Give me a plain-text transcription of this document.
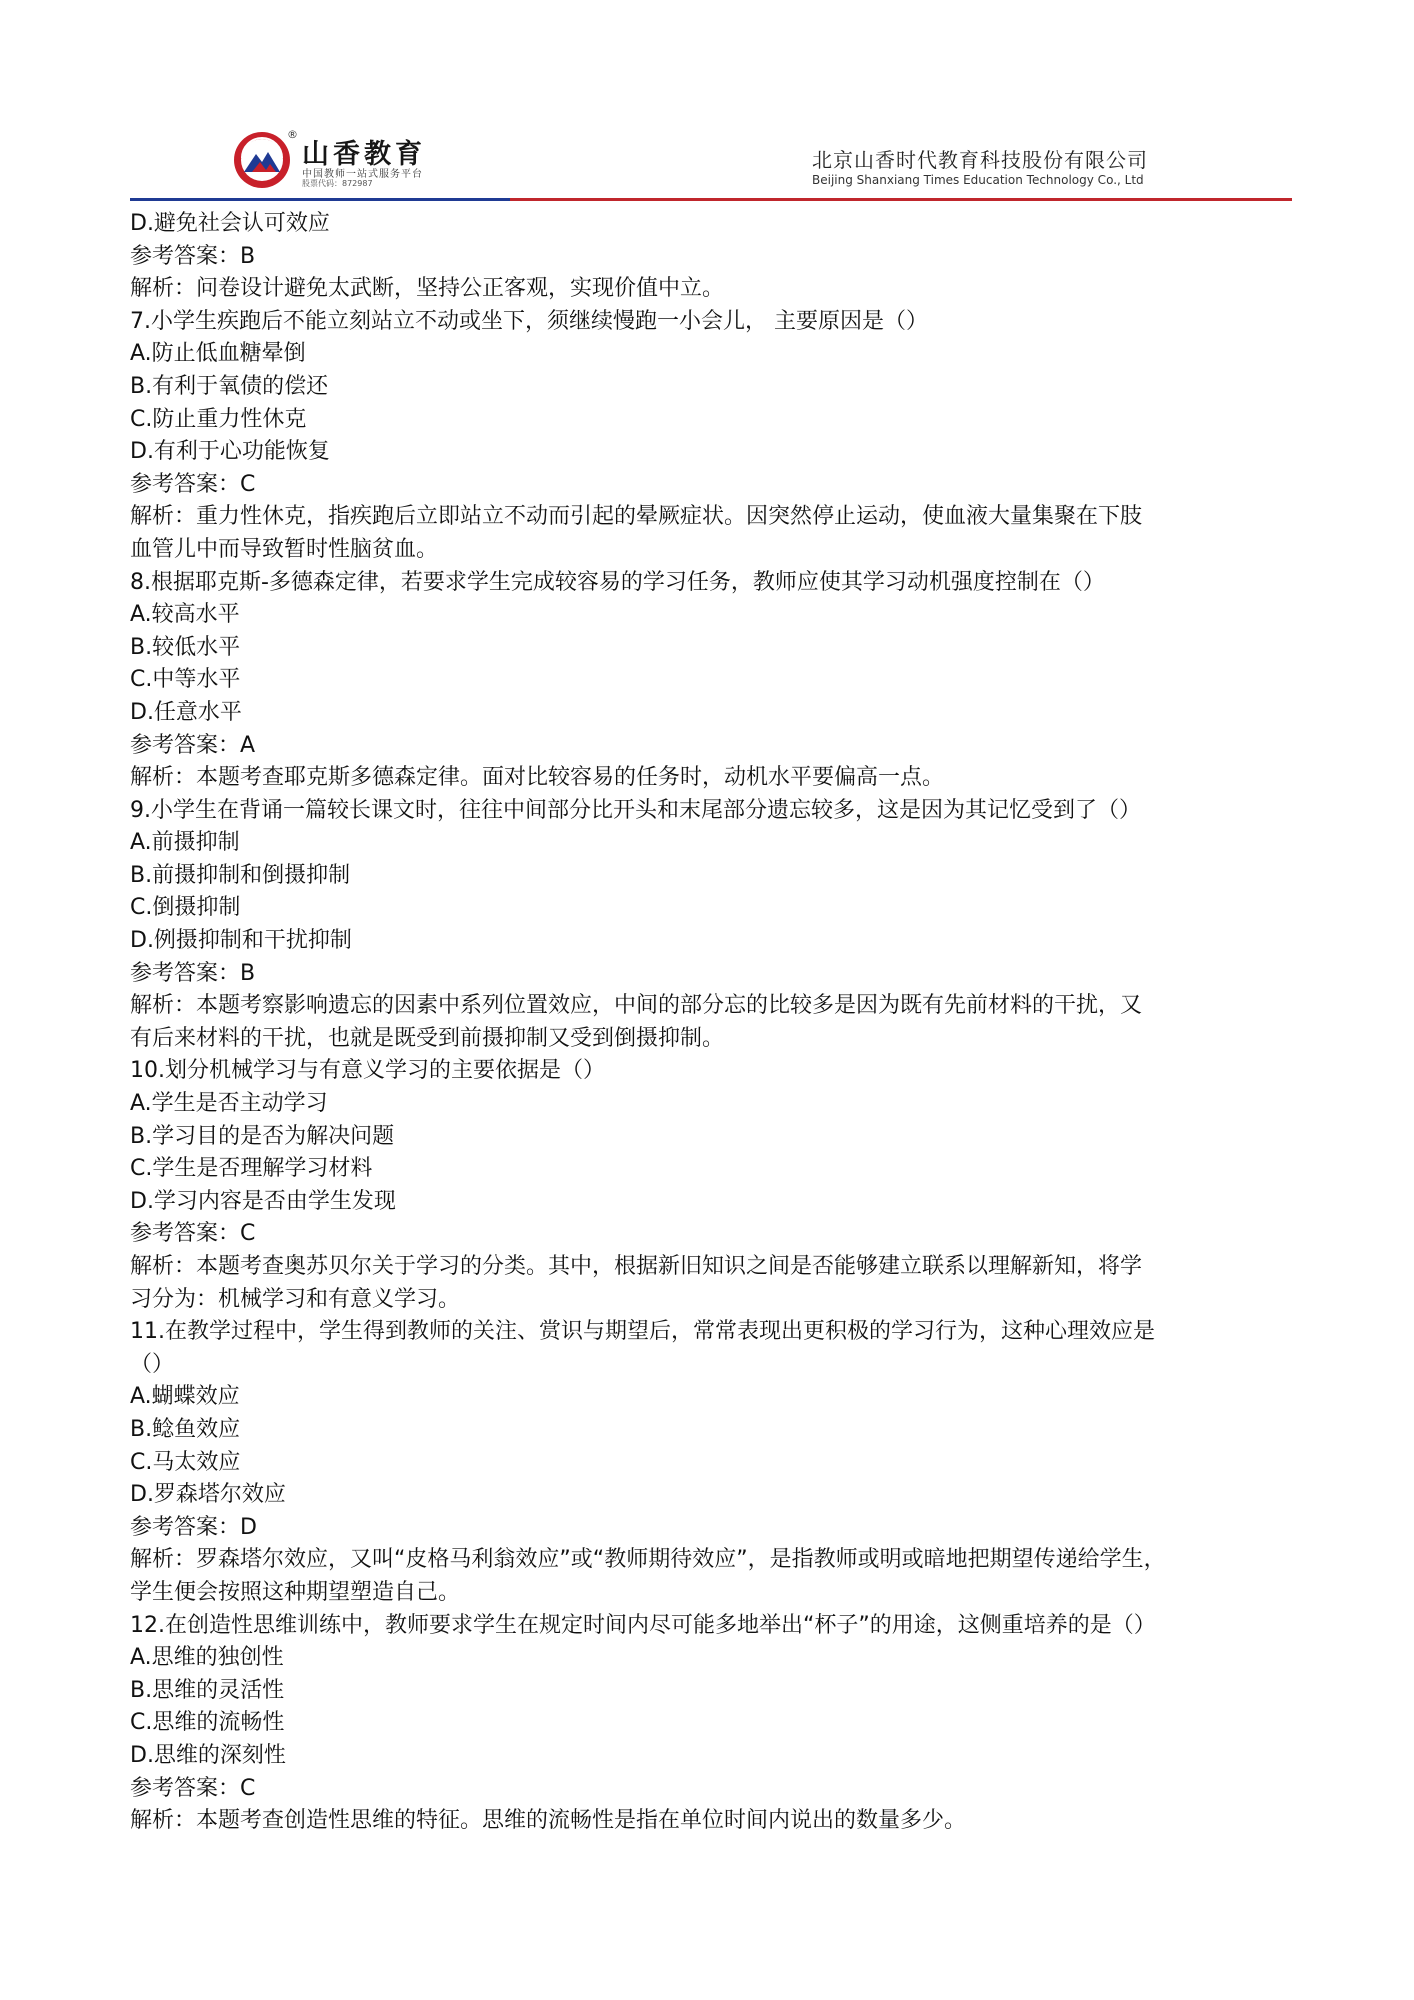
山香教育
®
中国教师一站式服务平台
股票代码：872987
北京山香时代教育科技股份有限公司
Beijing Shanxiang Times Education Technology Co., Ltd

D.避免社会认可效应

参考答案：B

解析：问卷设计避免太武断，坚持公正客观，实现价值中立。

7.小学生疾跑后不能立刻站立不动或坐下，须继续慢跑一小会儿， 主要原因是（）

A.防止低血糖晕倒

B.有利于氧债的偿还

C.防止重力性休克

D.有利于心功能恢复

参考答案：C

解析：重力性休克，指疾跑后立即站立不动而引起的晕厥症状。因突然停止运动，使血液大量集聚在下肢

血管儿中而导致暂时性脑贫血。

8.根据耶克斯-多德森定律，若要求学生完成较容易的学习任务，教师应使其学习动机强度控制在（）

A.较高水平

B.较低水平

C.中等水平

D.任意水平

参考答案：A

解析：本题考查耶克斯多德森定律。面对比较容易的任务时，动机水平要偏高一点。

9.小学生在背诵一篇较长课文时，往往中间部分比开头和末尾部分遗忘较多，这是因为其记忆受到了（）

A.前摄抑制

B.前摄抑制和倒摄抑制

C.倒摄抑制

D.例摄抑制和干扰抑制

参考答案：B

解析：本题考察影响遗忘的因素中系列位置效应，中间的部分忘的比较多是因为既有先前材料的干扰，又

有后来材料的干扰，也就是既受到前摄抑制又受到倒摄抑制。

10.划分机械学习与有意义学习的主要依据是（）

A.学生是否主动学习

B.学习目的是否为解决问题

C.学生是否理解学习材料

D.学习内容是否由学生发现

参考答案：C

解析：本题考查奥苏贝尔关于学习的分类。其中，根据新旧知识之间是否能够建立联系以理解新知，将学

习分为：机械学习和有意义学习。

11.在教学过程中，学生得到教师的关注、赏识与期望后，常常表现出更积极的学习行为，这种心理效应是

（）

A.蝴蝶效应

B.鲶鱼效应

C.马太效应

D.罗森塔尔效应

参考答案：D

解析：罗森塔尔效应，又叫“皮格马利翁效应”或“教师期待效应”，是指教师或明或暗地把期望传递给学生，

学生便会按照这种期望塑造自己。

12.在创造性思维训练中，教师要求学生在规定时间内尽可能多地举出“杯子”的用途，这侧重培养的是（）

A.思维的独创性

B.思维的灵活性

C.思维的流畅性

D.思维的深刻性

参考答案：C

解析：本题考查创造性思维的特征。思维的流畅性是指在单位时间内说出的数量多少。
